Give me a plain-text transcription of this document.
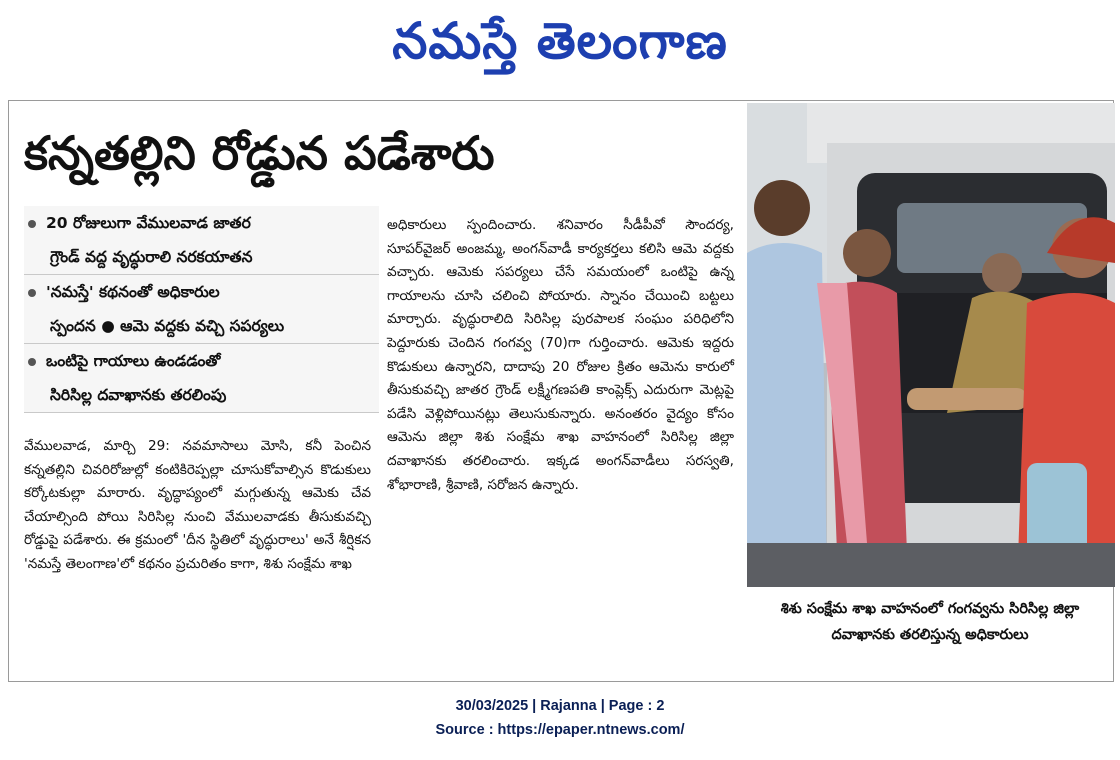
నమస్తే తెలంగాణ
కన్నతల్లిని రోడ్డున పడేశారు
20 రోజులుగా వేములవాడ జాతర
గ్రౌండ్ వద్ద వృద్ధురాలి నరకయాతన
'నమస్తే' కథనంతో అధికారుల
స్పందన ● ఆమె వద్దకు వచ్చి సపర్యలు
ఒంటిపై గాయాలు ఉండడంతో
సిరిసిల్ల దవాఖానకు తరలింపు

వేములవాడ, మార్చి 29: నవమాసాలు మోసి, కనీ పెంచిన కన్నతల్లిని చివరిరోజుల్లో కంటికిరెప్పల్లా చూసుకోవాల్సిన కొడుకులు కర్కోటకుల్లా మారారు. వృద్ధాప్యంలో మగ్గుతున్న ఆమెకు చేవ చేయాల్సింది పోయి సిరిసిల్ల నుంచి వేములవాడకు తీసుకువచ్చి రోడ్డుపై పడేశారు. ఈ క్రమంలో 'దీన స్థితిలో వృద్ధురాలు' అనే శీర్షికన 'నమస్తే తెలంగాణ'లో కథనం ప్రచురితం కాగా, శిశు సంక్షేమ శాఖ

అధికారులు స్పందించారు. శనివారం సీడీపీవో సౌందర్య, సూపర్‌వైజర్ అంజమ్మ, అంగన్‌వాడీ కార్యకర్తలు కలిసి ఆమె వద్దకు వచ్చారు. ఆమెకు సపర్యలు చేసే సమయంలో ఒంటిపై ఉన్న గాయాలను చూసి చలించి పోయారు. స్నానం చేయించి బట్టలు మార్చారు. వృద్ధురాలిది సిరిసిల్ల పురపాలక సంఘం పరిధిలోని పెద్దూరుకు చెందిన గంగవ్వ (70)గా గుర్తించారు. ఆమెకు ఇద్దరు కొడుకులు ఉన్నారని, దాదాపు 20 రోజుల క్రితం ఆమెను కారులో తీసుకువచ్చి జాతర గ్రౌండ్ లక్ష్మీగణపతి కాంప్లెక్స్ ఎదురుగా మెట్లపై పడేసి వెళ్లిపోయినట్లు తెలుసుకున్నారు. అనంతరం వైద్యం కోసం ఆమెను జిల్లా శిశు సంక్షేమ శాఖ వాహనంలో సిరిసిల్ల జిల్లా దవాఖానకు తరలించారు. ఇక్కడ అంగన్‌వాడీలు సరస్వతి, శోభారాణి, శ్రీవాణి, సరోజన ఉన్నారు.

శిశు సంక్షేమ శాఖ వాహనంలో గంగవ్వను సిరిసిల్ల జిల్లా దవాఖానకు తరలిస్తున్న అధికారులు
30/03/2025 | Rajanna | Page : 2
Source : https://epaper.ntnews.com/
